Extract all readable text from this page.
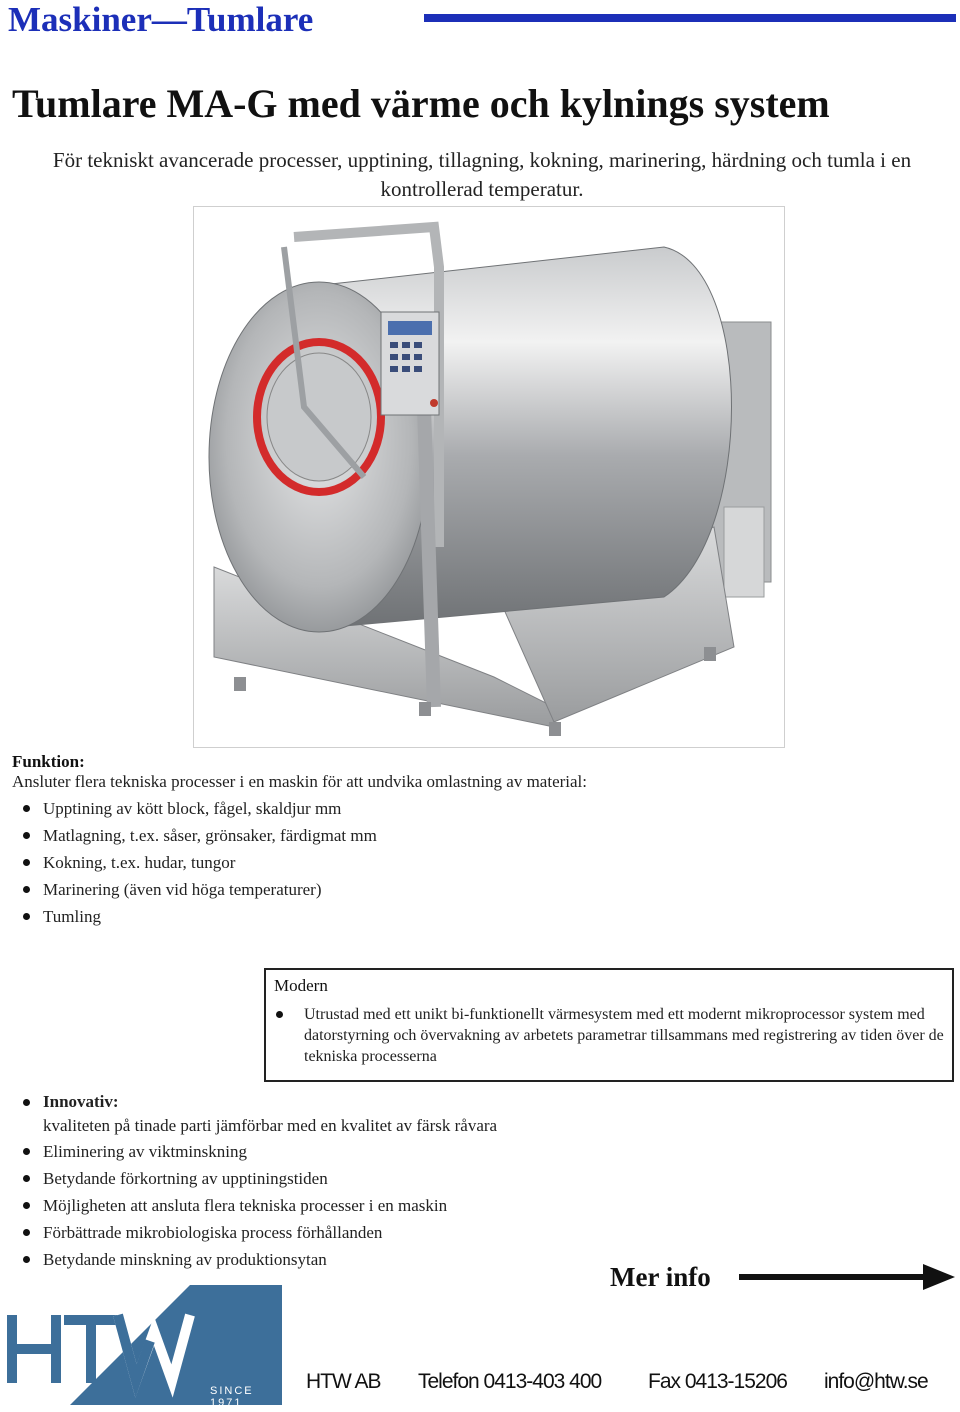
Maskiner—Tumlare
Tumlare MA-G med värme och kylnings system
För tekniskt avancerade processer, upptining, tillagning, kokning, marinering, härdning och tumla i en kontrollerad temperatur.
Funktion:
Ansluter flera tekniska processer i en maskin för att undvika omlastning av material:
Upptining av kött block, fågel, skaldjur mm
Matlagning, t.ex. såser, grönsaker, färdigmat mm
Kokning, t.ex. hudar, tungor
Marinering (även vid höga temperaturer)
Tumling
Modern
Utrustad med ett unikt bi-funktionellt värmesystem med ett modernt mikroprocessor system med datorstyrning och övervakning av arbetets parametrar tillsammans med registrering av tiden över de tekniska processerna
Innovativ:
kvaliteten på tinade parti jämförbar med en kvalitet av färsk råvara
Eliminering av viktminskning
Betydande förkortning av upptiningstiden
Möjligheten att ansluta flera tekniska processer i en maskin
Förbättrade mikrobiologiska process förhållanden
Betydande minskning av produktionsytan
Mer info
SINCE 1971
HTW AB Telefon 0413-403 400 Fax 0413-15206 info@htw.se
